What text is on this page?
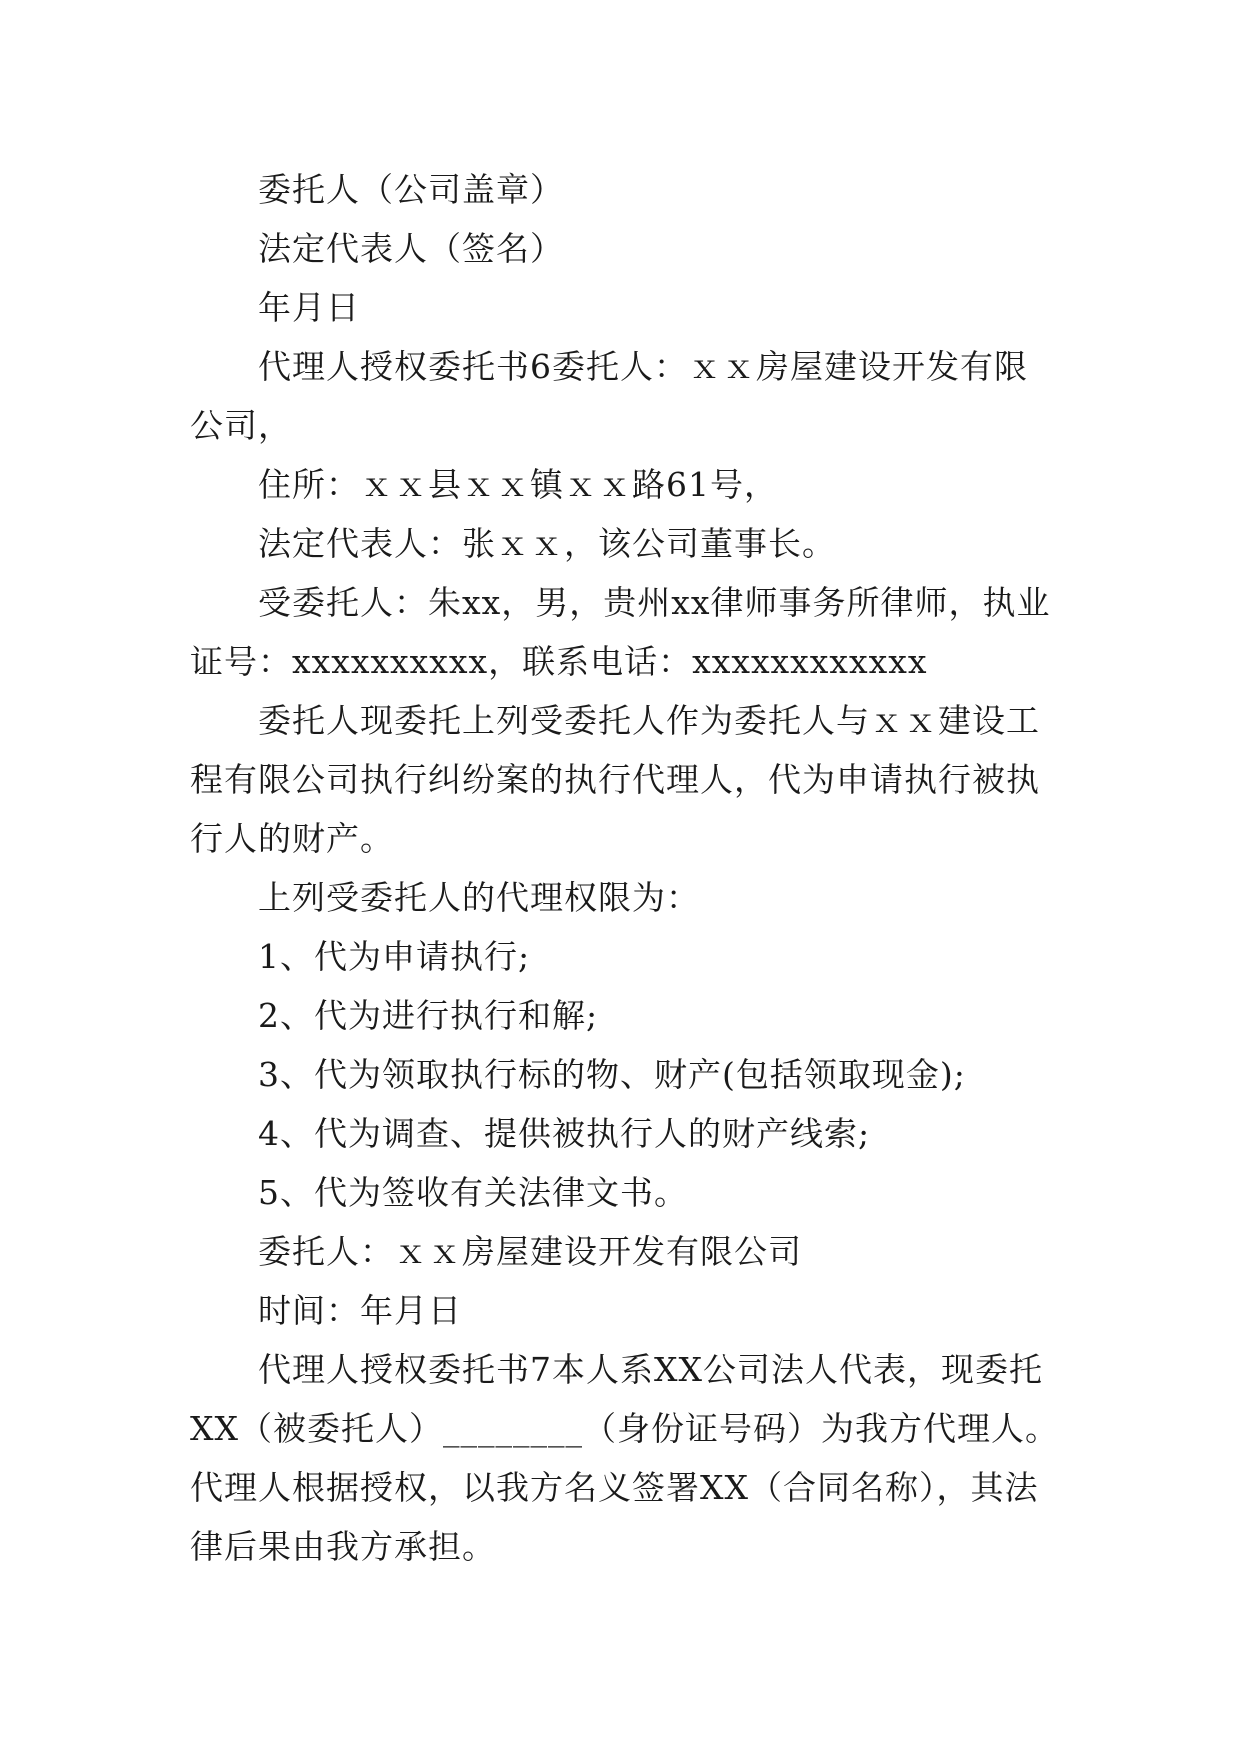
委托人（公司盖章）

法定代表人（签名）

年月日

代理人授权委托书6委托人：ｘｘ房屋建设开发有限公司，

住所：ｘｘ县ｘｘ镇ｘｘ路61号，

法定代表人：张ｘｘ，该公司董事长。

受委托人：朱xx，男，贵州xx律师事务所律师，执业证号：xxxxxxxxxx，联系电话：xxxxxxxxxxxx

委托人现委托上列受委托人作为委托人与ｘｘ建设工程有限公司执行纠纷案的执行代理人，代为申请执行被执行人的财产。

上列受委托人的代理权限为：

1、代为申请执行;

2、代为进行执行和解;

3、代为领取执行标的物、财产(包括领取现金);

4、代为调查、提供被执行人的财产线索;

5、代为签收有关法律文书。

委托人：ｘｘ房屋建设开发有限公司

时间：年月日

代理人授权委托书7本人系XX公司法人代表，现委托XX（被委托人）________（身份证号码）为我方代理人。代理人根据授权，以我方名义签署XX（合同名称），其法律后果由我方承担。
